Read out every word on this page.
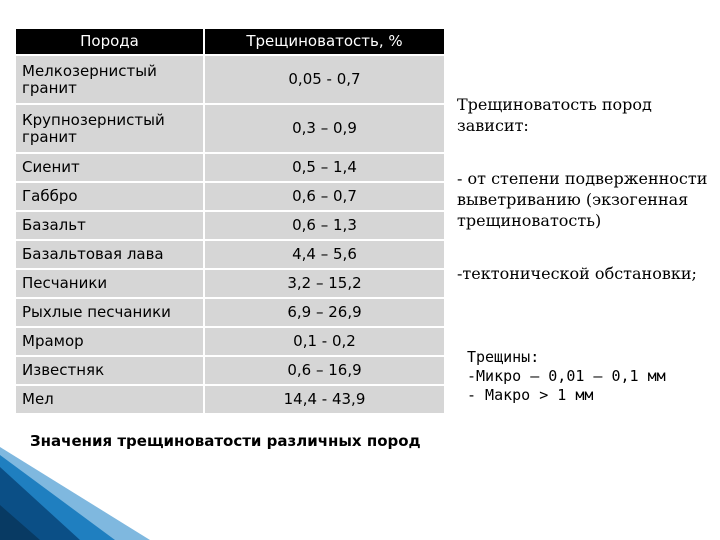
Порода	Трещиноватость, %
Мелкозернистый гранит	0,05 - 0,7
Крупнозернистый гранит	0,3 – 0,9
Сиенит	0,5 – 1,4
Габбро	0,6 – 0,7
Базальт	0,6 – 1,3
Базальтовая лава	4,4 – 5,6
Песчаники	3,2 – 15,2
Рыхлые песчаники	6,9 – 26,9
Мрамор	0,1 - 0,2
Известняк	0,6 – 16,9
Мел	14,4 - 43,9
Значения трещиноватости различных пород
Трещиноватость пород зависит:
- от степени подверженности выветриванию (экзогенная трещиноватость)
-тектонической обстановки;
Трещины:
-Микро – 0,01 – 0,1 мм
- Макро > 1 мм
